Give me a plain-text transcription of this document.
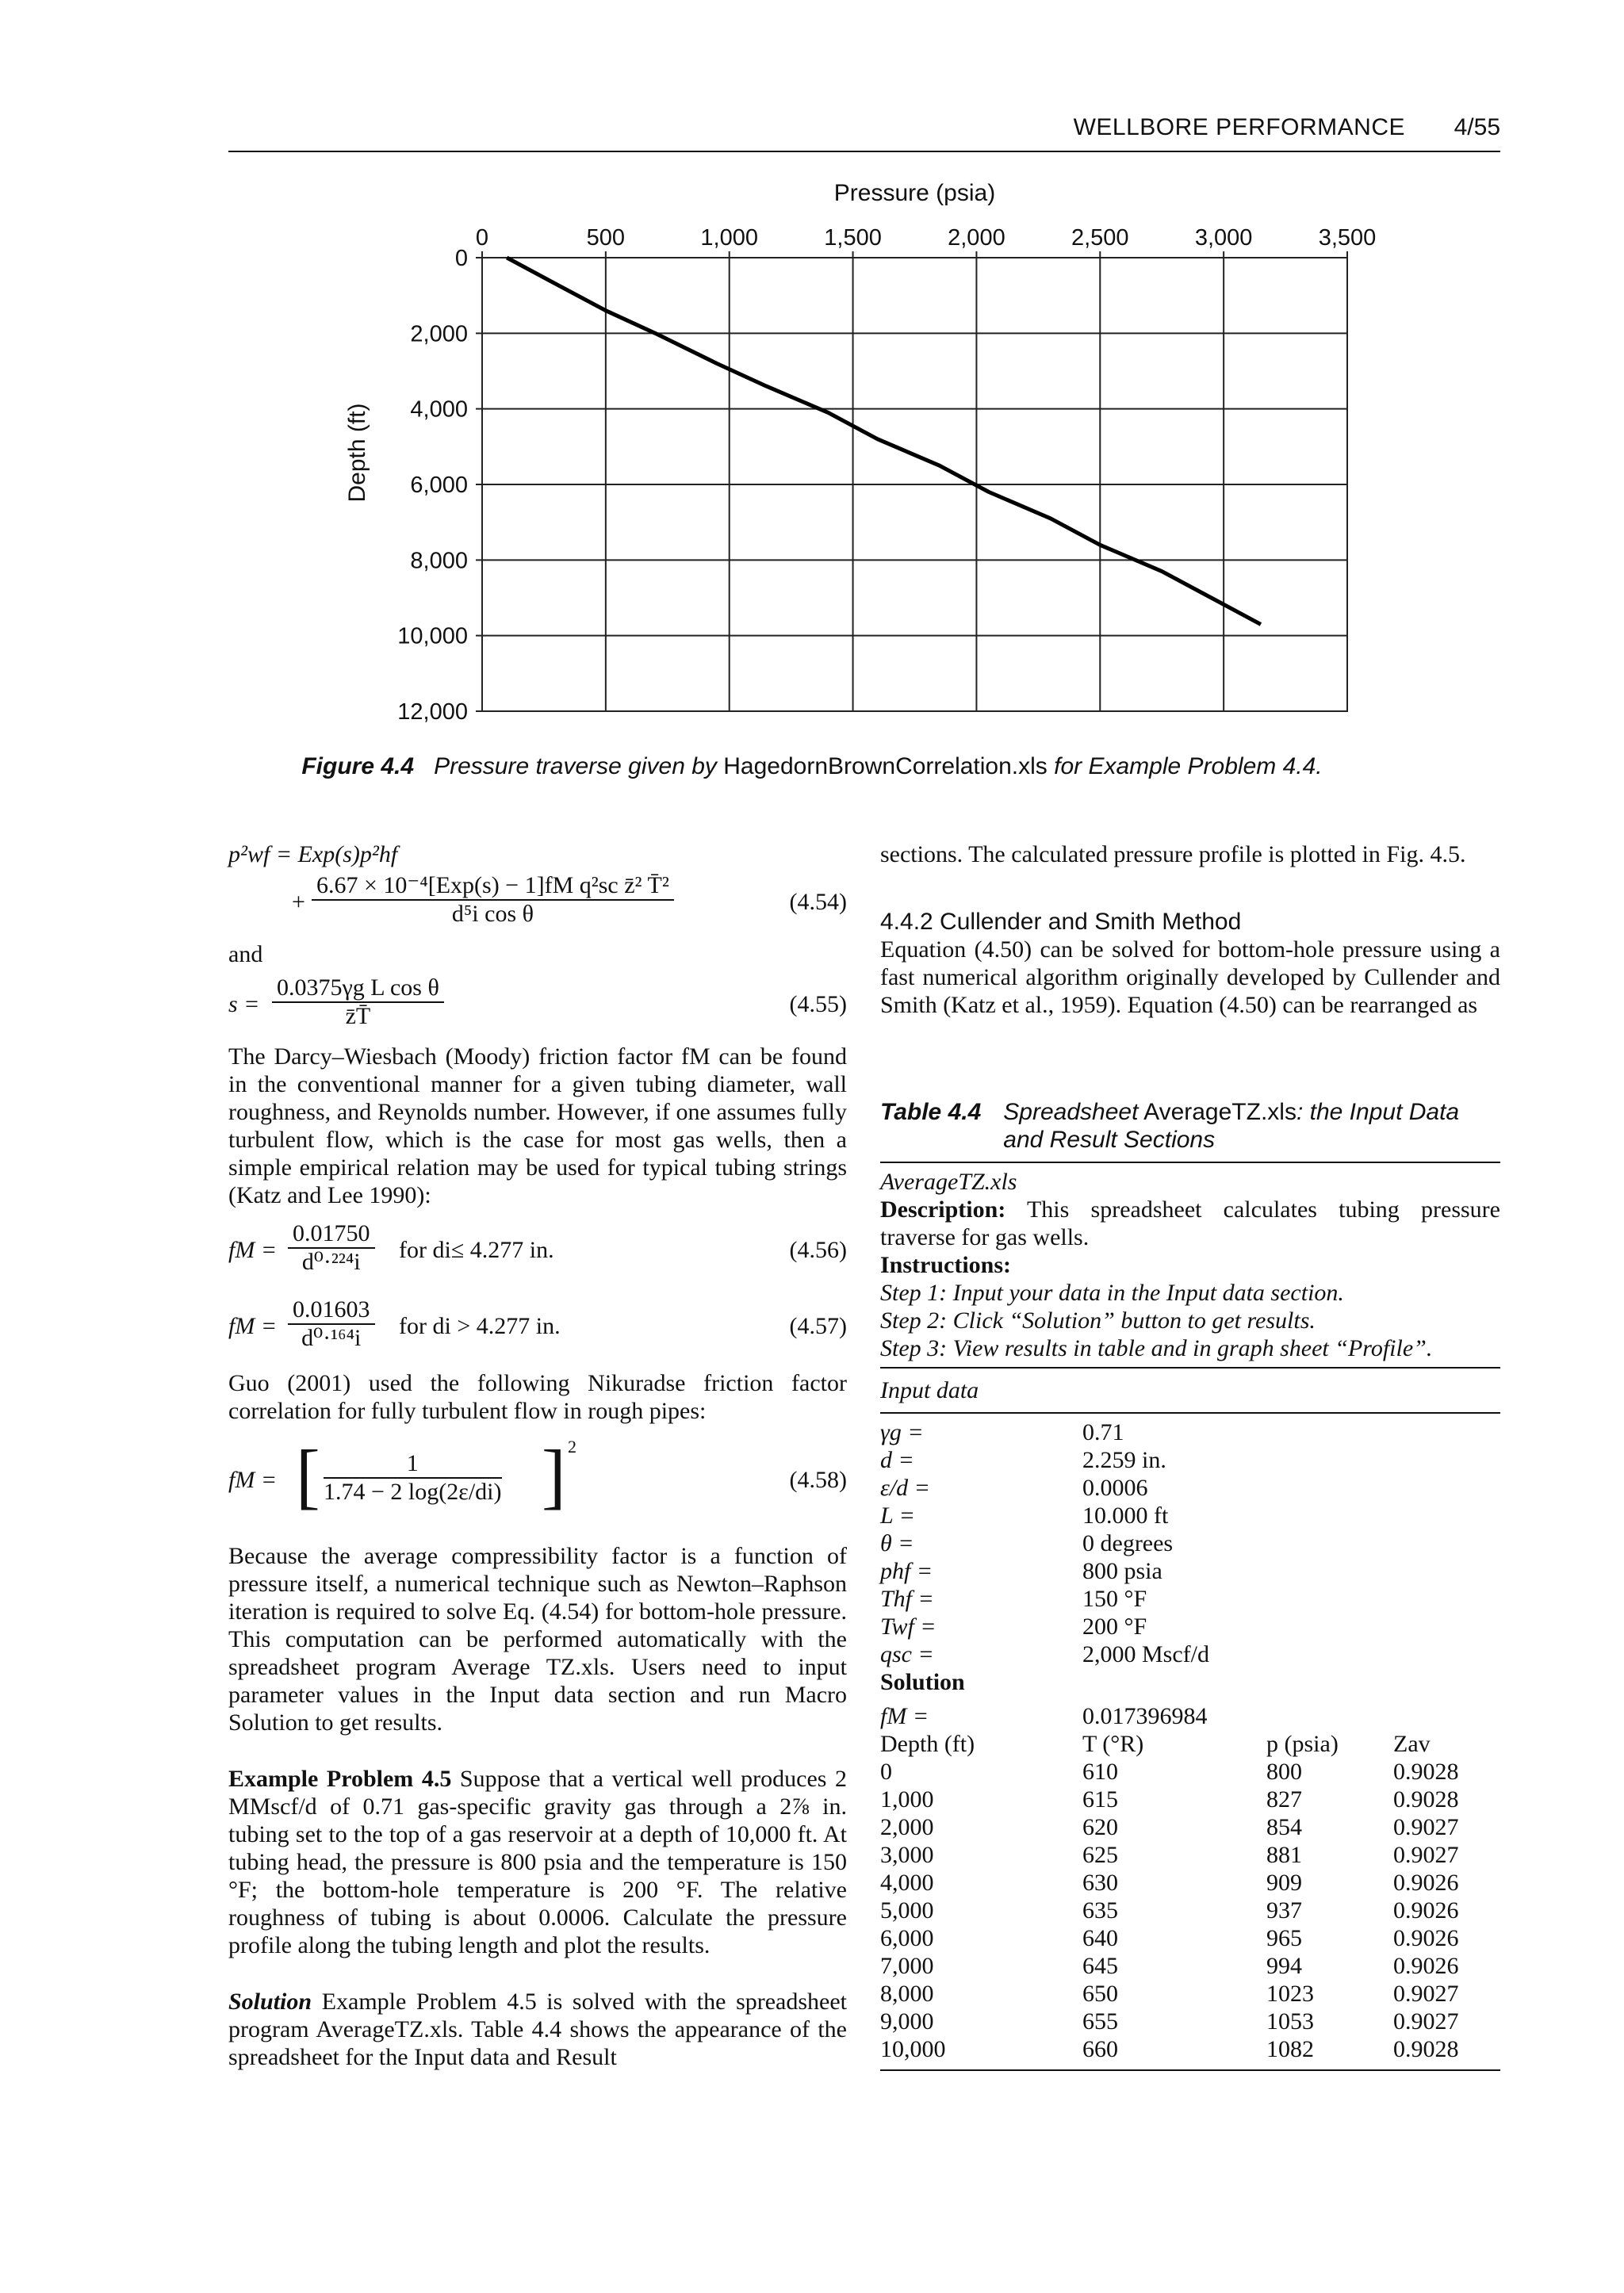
WELLBORE PERFORMANCE 4/55
0	500	1,000	1,500	2,000	2,500	3,000	3,500
0
2,000
4,000
6,000
8,000
10,000
12,000
Pressure (psia)
Depth (ft)
Figure 4.4 Pressure traverse given by HagedornBrownCorrelation.xls for Example Problem 4.4.
p²wf = Exp(s)p²hf
+
6.67 × 10⁻⁴[Exp(s) − 1]fM q²sc z̄² T̄²
d⁵i cos θ	(4.54)

and

$s = \frac{\text{0.0375γg L cos θ}}{z̄T̄}$	(4.55)

The Darcy–Wiesbach (Moody) friction factor fM can be found in the conventional manner for a given tubing diameter, wall roughness, and Reynolds number. However, if one assumes fully turbulent flow, which is the case for most gas wells, then a simple empirical relation may be used for typical tubing strings (Katz and Lee 1990):

fM = $\frac{0.01750}{\text{d⁰·²²⁴i}}$ for di≤ 4.277 in.	(4.56)
fM = $\frac{0.01603}{\text{d⁰·¹⁶⁴i}}$ for di > 4.277 in.	(4.57)

Guo (2001) used the following Nikuradse friction factor correlation for fully turbulent flow in rough pipes:

fM = [ $\frac{1}{1.74 - 2 \log(2\varepsilon/di)}$ ] 2
(4.58)

Because the average compressibility factor is a function of pressure itself, a numerical technique such as Newton–Raphson iteration is required to solve Eq. (4.54) for bottom-hole pressure. This computation can be performed automatically with the spreadsheet program Average TZ.xls. Users need to input parameter values in the Input data section and run Macro Solution to get results.

Example Problem 4.5 Suppose that a vertical well produces 2 MMscf/d of 0.71 gas-specific gravity gas through a 2⅞ in. tubing set to the top of a gas reservoir at a depth of 10,000 ft. At tubing head, the pressure is 800 psia and the temperature is 150 °F; the bottom-hole temperature is 200 °F. The relative roughness of tubing is about 0.0006. Calculate the pressure profile along the tubing length and plot the results.

Solution Example Problem 4.5 is solved with the spreadsheet program AverageTZ.xls. Table 4.4 shows the appearance of the spreadsheet for the Input data and Result

sections. The calculated pressure profile is plotted in Fig. 4.5.

4.4.2 Cullender and Smith Method

Equation (4.50) can be solved for bottom-hole pressure using a fast numerical algorithm originally developed by Cullender and Smith (Katz et al., 1959). Equation (4.50) can be rearranged as

Table 4.4 Spreadsheet AverageTZ.xls: the Input Data and Result Sections

AverageTZ.xls

Description: This spreadsheet calculates tubing pressure traverse for gas wells.

Instructions:

Step 1: Input your data in the Input data section.

Step 2: Click “Solution” button to get results.

Step 3: View results in table and in graph sheet “Profile”.

Input data

γg =	0.71
d =	2.259 in.
ε/d =	0.0006
L =	10.000 ft
θ =	0 degrees
phf =	800 psia
Thf =	150 °F
Twf =	200 °F
qsc =	2,000 Mscf/d

Solution

fM =	0.017396984		
Depth (ft)	T (°R)	p (psia)	Zav
0	610	800	0.9028
1,000	615	827	0.9028
2,000	620	854	0.9027
3,000	625	881	0.9027
4,000	630	909	0.9026
5,000	635	937	0.9026
6,000	640	965	0.9026
7,000	645	994	0.9026
8,000	650	1023	0.9027
9,000	655	1053	0.9027
10,000	660	1082	0.9028
